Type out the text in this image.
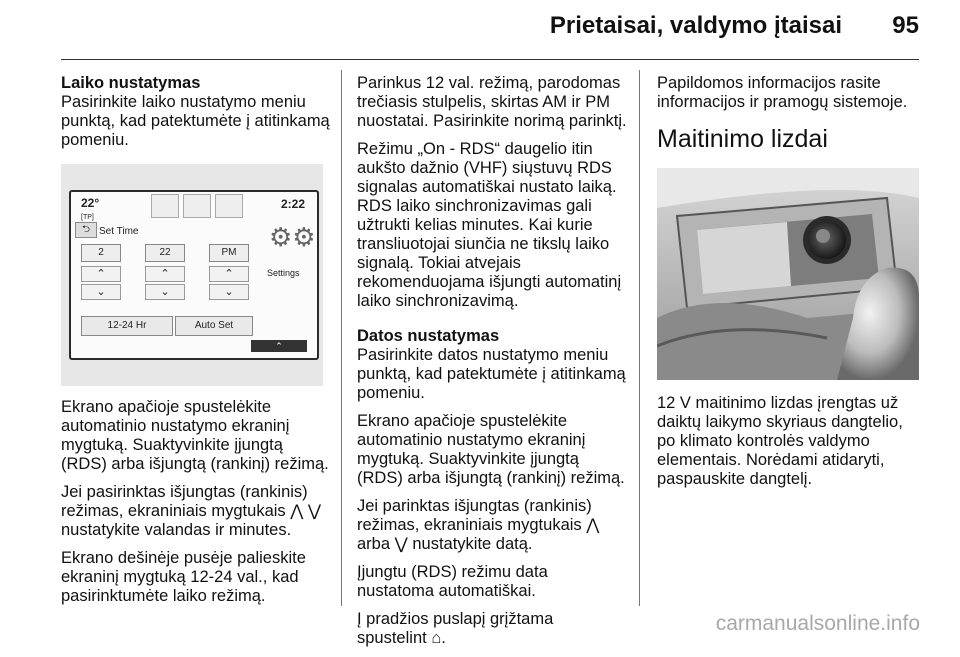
Prietaisai, valdymo įtaisai 95
Laiko nustatymas

Pasirinkite laiko nustatymo meniu punktą, kad patektumėte į atitinkamą pomeniu.

22°
[TP]
2:22
⮌ Set Time
2	22	PM
⌃	⌃	⌃
⌄	⌄	⌄
12-24 Hr	Auto Set
⚙⚙
Settings
⌃

Ekrano apačioje spustelėkite automatinio nustatymo ekraninį mygtuką. Suaktyvinkite įjungtą (RDS) arba išjungtą (rankinį) režimą.

Jei pasirinktas išjungtas (rankinis) režimas, ekraniniais mygtukais ⋀ ⋁ nustatykite valandas ir minutes.

Ekrano dešinėje pusėje palieskite ekraninį mygtuką 12-24 val., kad pasirinktumėte laiko režimą.

Parinkus 12 val. režimą, parodomas trečiasis stulpelis, skirtas AM ir PM nuostatai. Pasirinkite norimą parinktį.

Režimu „On - RDS“ daugelio itin aukšto dažnio (VHF) siųstuvų RDS signalas automatiškai nustato laiką. RDS laiko sinchronizavimas gali užtrukti kelias minutes. Kai kurie transliuotojai siunčia ne tikslų laiko signalą. Tokiai atvejais rekomenduojama išjungti automatinį laiko sinchronizavimą.

Datos nustatymas

Pasirinkite datos nustatymo meniu punktą, kad patektumėte į atitinkamą pomeniu.

Ekrano apačioje spustelėkite automatinio nustatymo ekraninį mygtuką. Suaktyvinkite įjungtą (RDS) arba išjungtą (rankinį) režimą.

Jei parinktas išjungtas (rankinis) režimas, ekraniniais mygtukais ⋀
arba ⋁ nustatykite datą.

Įjungtu (RDS) režimu data nustatoma automatiškai.

Į pradžios puslapį grįžtama spustelint ⌂.

Papildomos informacijos rasite informacijos ir pramogų sistemoje.

Maitinimo lizdai

12 V maitinimo lizdas įrengtas už daiktų laikymo skyriaus dangtelio, po klimato kontrolės valdymo elementais. Norėdami atidaryti, paspauskite dangtelį.

carmanualsonline.info
